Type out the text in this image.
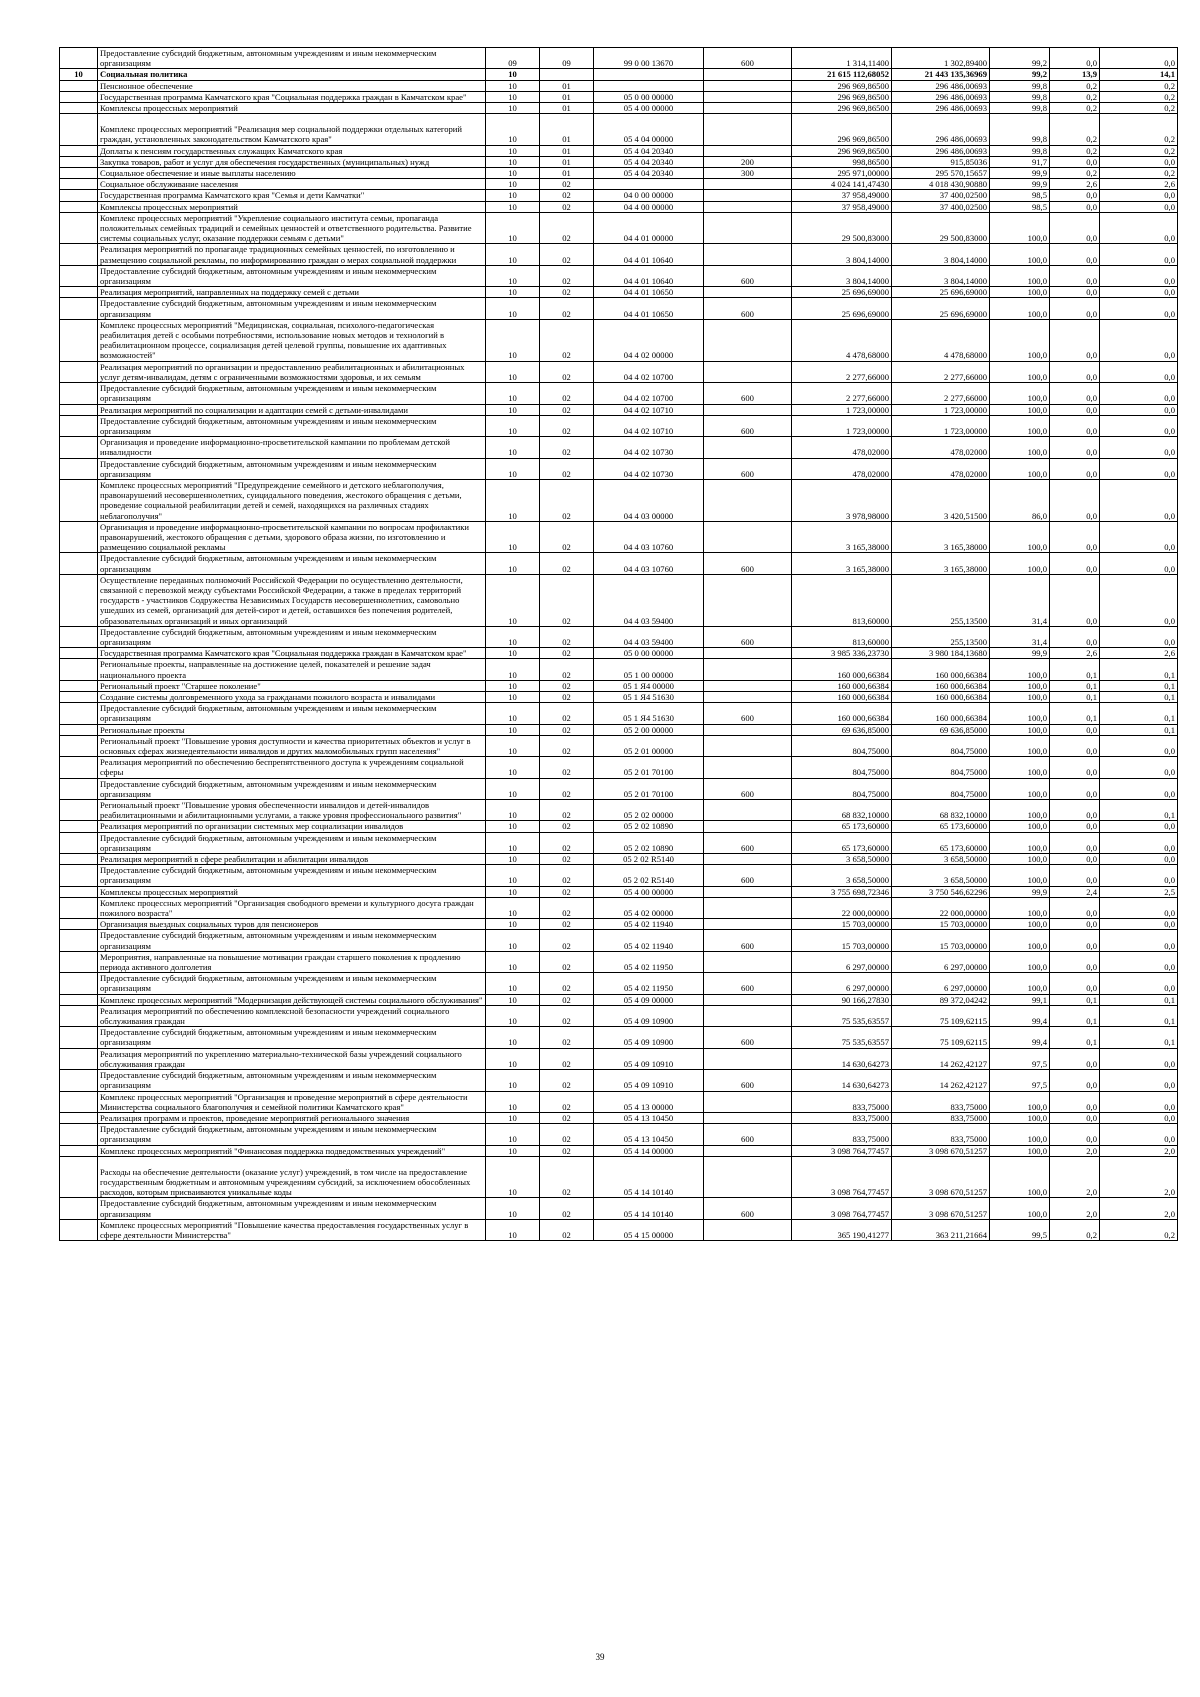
	Предоставление субсидий бюджетным, автономным учреждениям и иным некоммерческим организациям	09	09	99 0 00 13670	600	1 314,11400	1 302,89400	99,2	0,0	0,0
10	Социальная политика	10				21 615 112,68052	21 443 135,36969	99,2	13,9	14,1
	Пенсионное обеспечение	10	01			296 969,86500	296 486,00693	99,8	0,2	0,2
	Государственная программа Камчатского края "Социальная поддержка граждан в Камчатском крае"	10	01	05 0 00 00000		296 969,86500	296 486,00693	99,8	0,2	0,2
	Комплексы процессных мероприятий	10	01	05 4 00 00000		296 969,86500	296 486,00693	99,8	0,2	0,2
	Комплекс процессных мероприятий "Реализация мер социальной поддержки отдельных категорий граждан, установленных законодательством Камчатского края"	10	01	05 4 04 00000		296 969,86500	296 486,00693	99,8	0,2	0,2
	Доплаты к пенсиям государственных служащих Камчатского края	10	01	05 4 04 20340		296 969,86500	296 486,00693	99,8	0,2	0,2
	Закупка товаров, работ и услуг для обеспечения государственных (муниципальных) нужд	10	01	05 4 04 20340	200	998,86500	915,85036	91,7	0,0	0,0
	Социальное обеспечение и иные выплаты населению	10	01	05 4 04 20340	300	295 971,00000	295 570,15657	99,9	0,2	0,2
	Социальное обслуживание населения	10	02			4 024 141,47430	4 018 430,90880	99,9	2,6	2,6
	Государственная программа Камчатского края "Семья и дети Камчатки"	10	02	04 0 00 00000		37 958,49000	37 400,02500	98,5	0,0	0,0
	Комплексы процессных мероприятий	10	02	04 4 00 00000		37 958,49000	37 400,02500	98,5	0,0	0,0
	Комплекс процессных мероприятий "Укрепление социального института семьи, пропаганда положительных семейных традиций и семейных ценностей и ответственного родительства. Развитие системы социальных услуг, оказание поддержки семьям с детьми"	10	02	04 4 01 00000		29 500,83000	29 500,83000	100,0	0,0	0,0
	Реализация мероприятий по пропаганде традиционных семейных ценностей, по изготовлению и размещению социальной рекламы, по информированию граждан о мерах социальной поддержки	10	02	04 4 01 10640		3 804,14000	3 804,14000	100,0	0,0	0,0
	Предоставление субсидий бюджетным, автономным учреждениям и иным некоммерческим организациям	10	02	04 4 01 10640	600	3 804,14000	3 804,14000	100,0	0,0	0,0
	Реализация мероприятий, направленных на поддержку семей с детьми	10	02	04 4 01 10650		25 696,69000	25 696,69000	100,0	0,0	0,0
	Предоставление субсидий бюджетным, автономным учреждениям и иным некоммерческим организациям	10	02	04 4 01 10650	600	25 696,69000	25 696,69000	100,0	0,0	0,0
	Комплекс процессных мероприятий "Медицинская, социальная, психолого-педагогическая реабилитация детей с особыми потребностями, использование новых методов и технологий в реабилитационном процессе, социализация детей целевой группы, повышение их адаптивных возможностей"	10	02	04 4 02 00000		4 478,68000	4 478,68000	100,0	0,0	0,0
	Реализация мероприятий по организации и предоставлению реабилитационных и абилитационных услуг детям-инвалидам, детям с ограниченными возможностями здоровья, и их семьям	10	02	04 4 02 10700		2 277,66000	2 277,66000	100,0	0,0	0,0
	Предоставление субсидий бюджетным, автономным учреждениям и иным некоммерческим организациям	10	02	04 4 02 10700	600	2 277,66000	2 277,66000	100,0	0,0	0,0
	Реализация мероприятий по социализации и адаптации семей с детьми-инвалидами	10	02	04 4 02 10710		1 723,00000	1 723,00000	100,0	0,0	0,0
	Предоставление субсидий бюджетным, автономным учреждениям и иным некоммерческим организациям	10	02	04 4 02 10710	600	1 723,00000	1 723,00000	100,0	0,0	0,0
	Организация и проведение информационно-просветительской кампании по проблемам детской инвалидности	10	02	04 4 02 10730		478,02000	478,02000	100,0	0,0	0,0
	Предоставление субсидий бюджетным, автономным учреждениям и иным некоммерческим организациям	10	02	04 4 02 10730	600	478,02000	478,02000	100,0	0,0	0,0
	Комплекс процессных мероприятий "Предупреждение семейного и детского неблагополучия, правонарушений несовершеннолетних, суицидального поведения, жестокого обращения с детьми, проведение социальной реабилитации детей и семей, находящихся на различных стадиях неблагополучия"	10	02	04 4 03 00000		3 978,98000	3 420,51500	86,0	0,0	0,0
	Организация и проведение информационно-просветительской кампании по вопросам профилактики правонарушений, жестокого обращения с детьми, здорового образа жизни, по изготовлению и размещению социальной рекламы	10	02	04 4 03 10760		3 165,38000	3 165,38000	100,0	0,0	0,0
	Предоставление субсидий бюджетным, автономным учреждениям и иным некоммерческим организациям	10	02	04 4 03 10760	600	3 165,38000	3 165,38000	100,0	0,0	0,0
	Осуществление переданных полномочий Российской Федерации по осуществлению деятельности, связанной с перевозкой между субъектами Российской Федерации, а также в пределах территорий государств - участников Содружества Независимых Государств несовершеннолетних, самовольно ушедших из семей, организаций для детей-сирот и детей, оставшихся без попечения родителей, образовательных организаций и иных организаций	10	02	04 4 03 59400		813,60000	255,13500	31,4	0,0	0,0
	Предоставление субсидий бюджетным, автономным учреждениям и иным некоммерческим организациям	10	02	04 4 03 59400	600	813,60000	255,13500	31,4	0,0	0,0
	Государственная программа Камчатского края "Социальная поддержка граждан в Камчатском крае"	10	02	05 0 00 00000		3 985 336,23730	3 980 184,13680	99,9	2,6	2,6
	Региональные проекты, направленные на достижение целей, показателей и решение задач национального проекта	10	02	05 1 00 00000		160 000,66384	160 000,66384	100,0	0,1	0,1
	Региональный проект "Старшее поколение"	10	02	05 1 Я4 00000		160 000,66384	160 000,66384	100,0	0,1	0,1
	Создание системы долговременного ухода за гражданами пожилого возраста и инвалидами	10	02	05 1 Я4 51630		160 000,66384	160 000,66384	100,0	0,1	0,1
	Предоставление субсидий бюджетным, автономным учреждениям и иным некоммерческим организациям	10	02	05 1 Я4 51630	600	160 000,66384	160 000,66384	100,0	0,1	0,1
	Региональные проекты	10	02	05 2 00 00000		69 636,85000	69 636,85000	100,0	0,0	0,1
	Региональный проект "Повышение уровня доступности и качества приоритетных объектов и услуг в основных сферах жизнедеятельности инвалидов и других маломобильных групп населения"	10	02	05 2 01 00000		804,75000	804,75000	100,0	0,0	0,0
	Реализация мероприятий по обеспечению беспрепятственного доступа к учреждениям социальной сферы	10	02	05 2 01 70100		804,75000	804,75000	100,0	0,0	0,0
	Предоставление субсидий бюджетным, автономным учреждениям и иным некоммерческим организациям	10	02	05 2 01 70100	600	804,75000	804,75000	100,0	0,0	0,0
	Региональный проект "Повышение уровня обеспеченности инвалидов и детей-инвалидов реабилитационными и абилитационными услугами, а также уровня профессионального развития"	10	02	05 2 02 00000		68 832,10000	68 832,10000	100,0	0,0	0,1
	Реализация мероприятий по организации системных мер социализации инвалидов	10	02	05 2 02 10890		65 173,60000	65 173,60000	100,0	0,0	0,0
	Предоставление субсидий бюджетным, автономным учреждениям и иным некоммерческим организациям	10	02	05 2 02 10890	600	65 173,60000	65 173,60000	100,0	0,0	0,0
	Реализация мероприятий в сфере реабилитации и абилитации инвалидов	10	02	05 2 02 R5140		3 658,50000	3 658,50000	100,0	0,0	0,0
	Предоставление субсидий бюджетным, автономным учреждениям и иным некоммерческим организациям	10	02	05 2 02 R5140	600	3 658,50000	3 658,50000	100,0	0,0	0,0
	Комплексы процессных мероприятий	10	02	05 4 00 00000		3 755 698,72346	3 750 546,62296	99,9	2,4	2,5
	Комплекс процессных мероприятий "Организация свободного времени и культурного досуга граждан пожилого возраста"	10	02	05 4 02 00000		22 000,00000	22 000,00000	100,0	0,0	0,0
	Организация выездных социальных туров для пенсионеров	10	02	05 4 02 11940		15 703,00000	15 703,00000	100,0	0,0	0,0
	Предоставление субсидий бюджетным, автономным учреждениям и иным некоммерческим организациям	10	02	05 4 02 11940	600	15 703,00000	15 703,00000	100,0	0,0	0,0
	Мероприятия, направленные на повышение мотивации граждан старшего поколения к продлению периода активного долголетия	10	02	05 4 02 11950		6 297,00000	6 297,00000	100,0	0,0	0,0
	Предоставление субсидий бюджетным, автономным учреждениям и иным некоммерческим организациям	10	02	05 4 02 11950	600	6 297,00000	6 297,00000	100,0	0,0	0,0
	Комплекс процессных мероприятий "Модернизация действующей системы социального обслуживания"	10	02	05 4 09 00000		90 166,27830	89 372,04242	99,1	0,1	0,1
	Реализация мероприятий по обеспечению комплексной безопасности учреждений социального обслуживания граждан	10	02	05 4 09 10900		75 535,63557	75 109,62115	99,4	0,1	0,1
	Предоставление субсидий бюджетным, автономным учреждениям и иным некоммерческим организациям	10	02	05 4 09 10900	600	75 535,63557	75 109,62115	99,4	0,1	0,1
	Реализация мероприятий по укреплению материально-технической базы учреждений социального обслуживания граждан	10	02	05 4 09 10910		14 630,64273	14 262,42127	97,5	0,0	0,0
	Предоставление субсидий бюджетным, автономным учреждениям и иным некоммерческим организациям	10	02	05 4 09 10910	600	14 630,64273	14 262,42127	97,5	0,0	0,0
	Комплекс процессных мероприятий "Организация и проведение мероприятий в сфере деятельности Министерства социального благополучия и семейной политики Камчатского края"	10	02	05 4 13 00000		833,75000	833,75000	100,0	0,0	0,0
	Реализация программ и проектов, проведение мероприятий регионального значения	10	02	05 4 13 10450		833,75000	833,75000	100,0	0,0	0,0
	Предоставление субсидий бюджетным, автономным учреждениям и иным некоммерческим организациям	10	02	05 4 13 10450	600	833,75000	833,75000	100,0	0,0	0,0
	Комплекс процессных мероприятий "Финансовая поддержка подведомственных учреждений"	10	02	05 4 14 00000		3 098 764,77457	3 098 670,51257	100,0	2,0	2,0
	Расходы на обеспечение деятельности (оказание услуг) учреждений, в том числе на предоставление государственным бюджетным и автономным учреждениям субсидий, за исключением обособленных расходов, которым присваиваются уникальные коды	10	02	05 4 14 10140		3 098 764,77457	3 098 670,51257	100,0	2,0	2,0
	Предоставление субсидий бюджетным, автономным учреждениям и иным некоммерческим организациям	10	02	05 4 14 10140	600	3 098 764,77457	3 098 670,51257	100,0	2,0	2,0
	Комплекс процессных мероприятий "Повышение качества предоставления государственных услуг в сфере деятельности Министерства"	10	02	05 4 15 00000		365 190,41277	363 211,21664	99,5	0,2	0,2
39
